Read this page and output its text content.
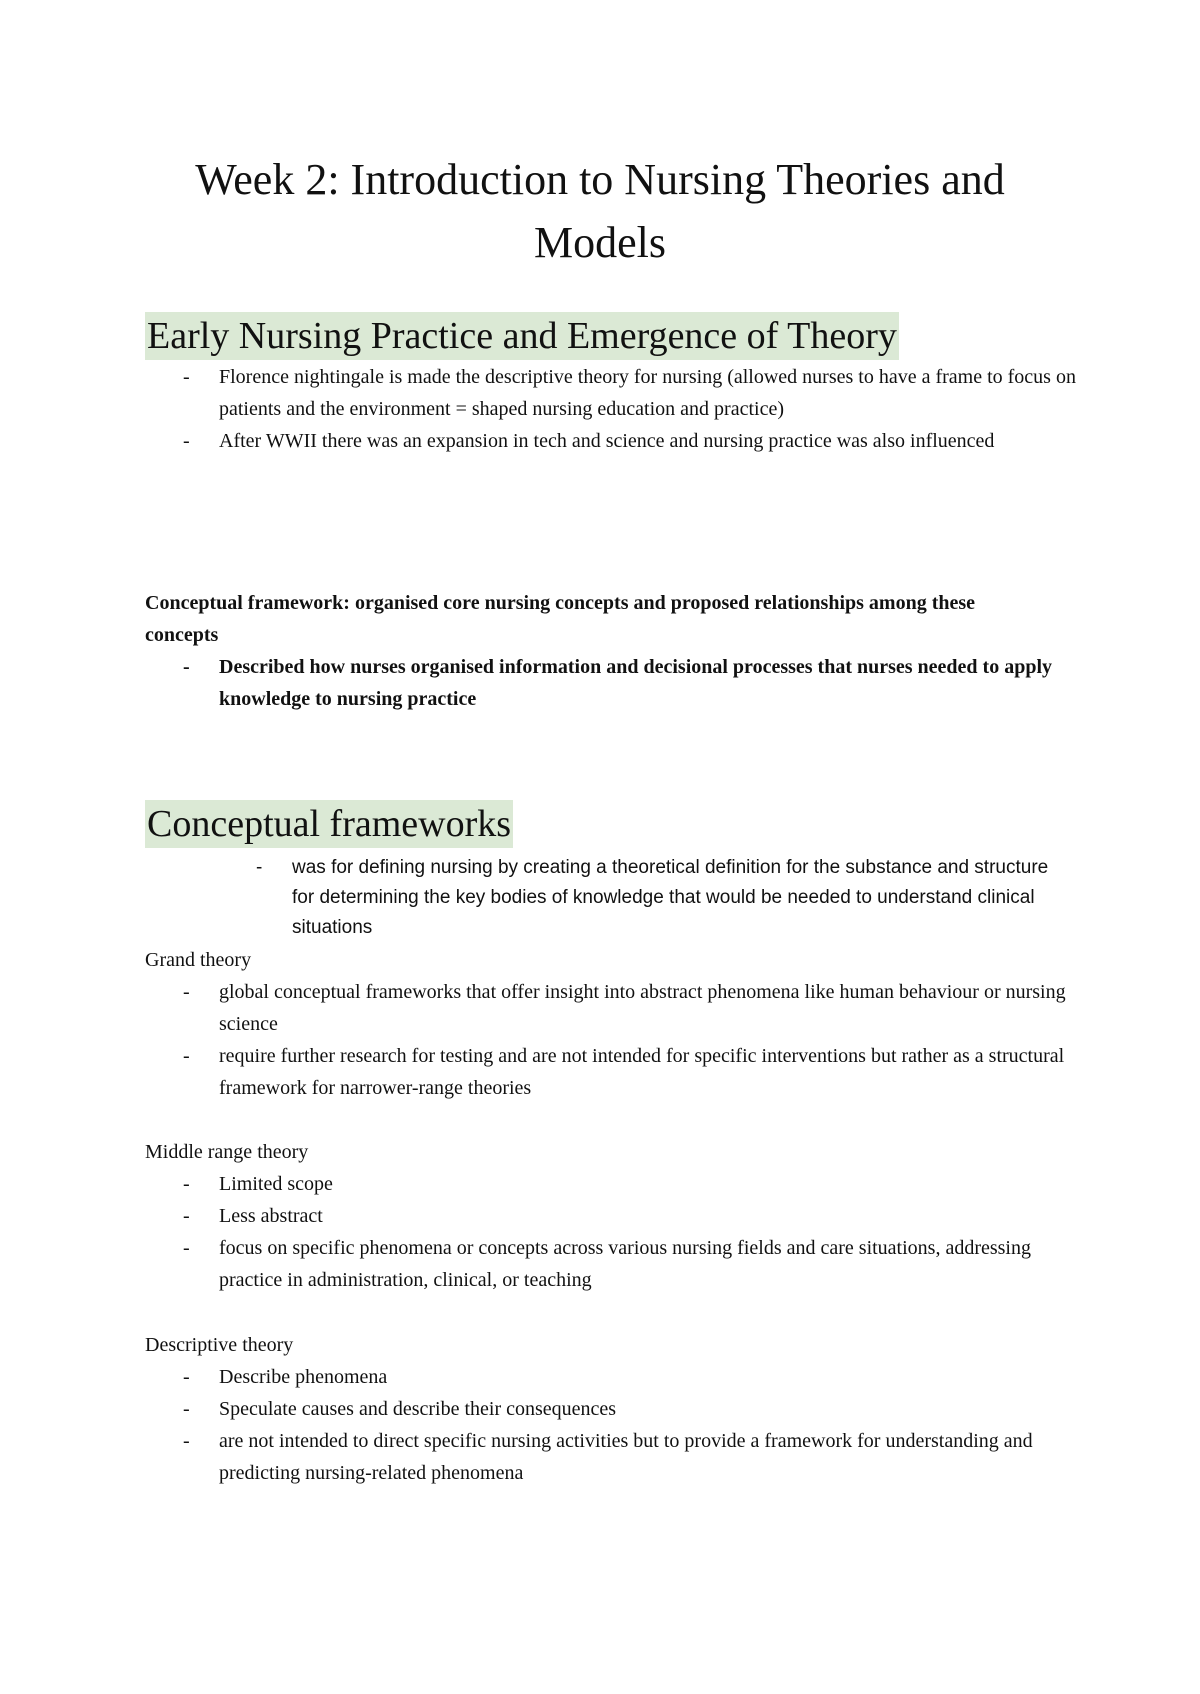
Week 2: Introduction to Nursing Theories and Models
Early Nursing Practice and Emergence of Theory
- Florence nightingale is made the descriptive theory for nursing (allowed nurses to have a frame to focus on patients and the environment = shaped nursing education and practice)
- After WWII there was an expansion in tech and science and nursing practice was also influenced

Conceptual framework: organised core nursing concepts and proposed relationships among these concepts

- Described how nurses organised information and decisional processes that nurses needed to apply knowledge to nursing practice
Conceptual frameworks
- was for defining nursing by creating a theoretical definition for the substance and structure for determining the key bodies of knowledge that would be needed to understand clinical situations

Grand theory

- global conceptual frameworks that offer insight into abstract phenomena like human behaviour or nursing science
- require further research for testing and are not intended for specific interventions but rather as a structural framework for narrower-range theories

Middle range theory

- Limited scope
- Less abstract
- focus on specific phenomena or concepts across various nursing fields and care situations, addressing practice in administration, clinical, or teaching

Descriptive theory

- Describe phenomena
- Speculate causes and describe their consequences
- are not intended to direct specific nursing activities but to provide a framework for understanding and predicting nursing-related phenomena
